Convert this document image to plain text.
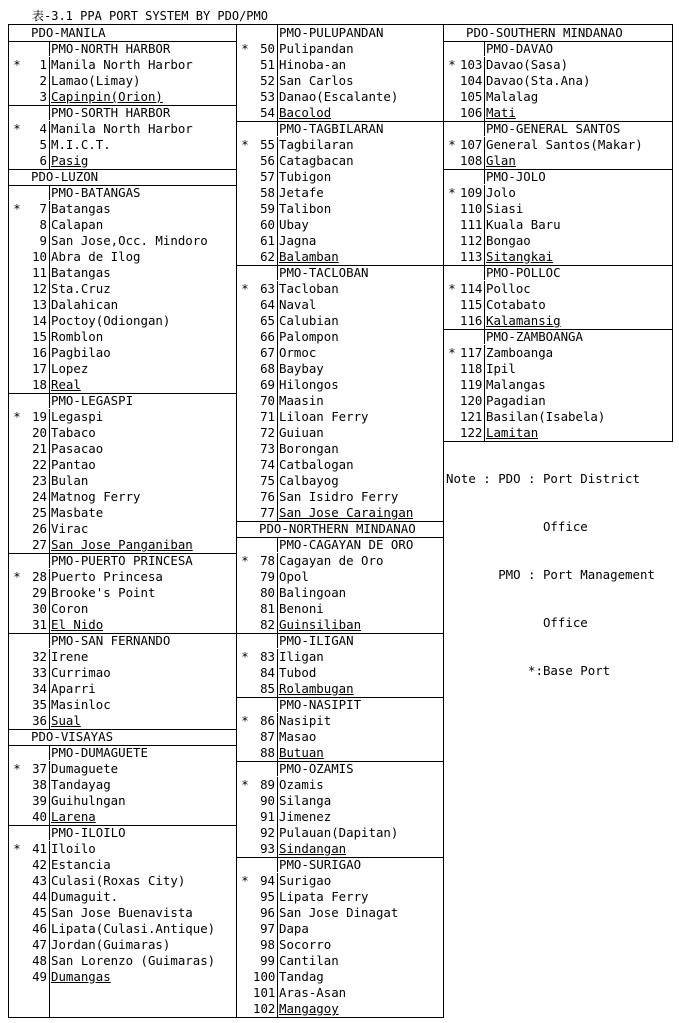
表-3.1 PPA PORT SYSTEM BY PDO/PMO
PDO-MANILA
PMO-NORTH HARBOR
*	1 Manila North Harbor
2 Lamao(Limay)
3 Capinpin(Orion)
PMO-SORTH HARBOR
*	4 Manila North Harbor
5 M.I.C.T.
6 Pasig
PDO-LUZON
PMO-BATANGAS
*	7 Batangas
8 Calapan
9 San Jose,Occ. Mindoro
10 Abra de Ilog
11 Batangas
12 Sta.Cruz
13 Dalahican
14 Poctoy(Odiongan)
15 Romblon
16 Pagbilao
17 Lopez
18 Real
PMO-LEGASPI
* 19 Legaspi
20 Tabaco
21 Pasacao
22 Pantao
23 Bulan
24 Matnog Ferry
25 Masbate
26 Virac
27 San Jose Panganiban
PMO-PUERTO PRINCESA
* 28 Puerto Princesa
29 Brooke's Point
30 Coron
31 El Nido
PMO-SAN FERNANDO
32 Irene
33 Currimao
34 Aparri
35 Masinloc
36 Sual
PDO-VISAYAS
PMO-DUMAGUETE
* 37 Dumaguete
38 Tandayag
39 Guihulngan
40 Larena
PMO-ILOILO
* 41 Iloilo
42 Estancia
43 Culasi(Roxas City)
44 Dumaguit.
45 San Jose Buenavista
46 Lipata(Culasi.Antique)
47 Jordan(Guimaras)
48 San Lorenzo (Guimaras)
49 Dumangas
PMO-PULUPANDAN
* 50 Pulipandan
51 Hinoba-an
52 San Carlos
53 Danao(Escalante)
54 Bacolod
PMO-TAGBILARAN
* 55 Tagbilaran
56 Catagbacan
57 Tubigon
58 Jetafe
59 Talibon
60 Ubay
61 Jagna
62 Balamban
PMO-TACLOBAN
* 63 Tacloban
64 Naval
65 Calubian
66 Palompon
67 Ormoc
68 Baybay
69 Hilongos
70 Maasin
71 Liloan Ferry
72 Guiuan
73 Borongan
74 Catbalogan
75 Calbayog
76 San Isidro Ferry
77 San Jose Caraingan
PDO-NORTHERN MINDANAO
PMO-CAGAYAN DE ORO
* 78 Cagayan de Oro
79 Opol
80 Balingoan
81 Benoni
82 Guinsiliban
PMO-ILIGAN
* 83 Iligan
84 Tubod
85 Rolambugan
PMO-NASIPIT
* 86 Nasipit
87 Masao
88 Butuan
PMO-OZAMIS
* 89 Ozamis
90 Silanga
91 Jimenez
92 Pulauan(Dapitan)
93 Sindangan
PMO-SURIGAO
* 94 Surigao
95 Lipata Ferry
96 San Jose Dinagat
97 Dapa
98 Socorro
99 Cantilan
100 Tandag
101 Aras-Asan
102 Mangagoy
PDO-SOUTHERN MINDANAO
PMO-DAVAO
* 103 Davao(Sasa)
104 Davao(Sta.Ana)
105 Malalag
106 Mati
PMO-GENERAL SANTOS
* 107 General Santos(Makar)
108 Glan
PMO-JOLO
* 109 Jolo
110 Siasi
111 Kuala Baru
112 Bongao
113 Sitangkai
PMO-POLLOC
* 114 Polloc
115 Cotabato
116 Kalamansig
PMO-ZAMBOANGA
* 117 Zamboanga
118 Ipil
119 Malangas
120 Pagadian
121 Basilan(Isabela)
122 Lamitan

Note : PDO : Port District

Office

PMO : Port Management

Office

*:Base Port
